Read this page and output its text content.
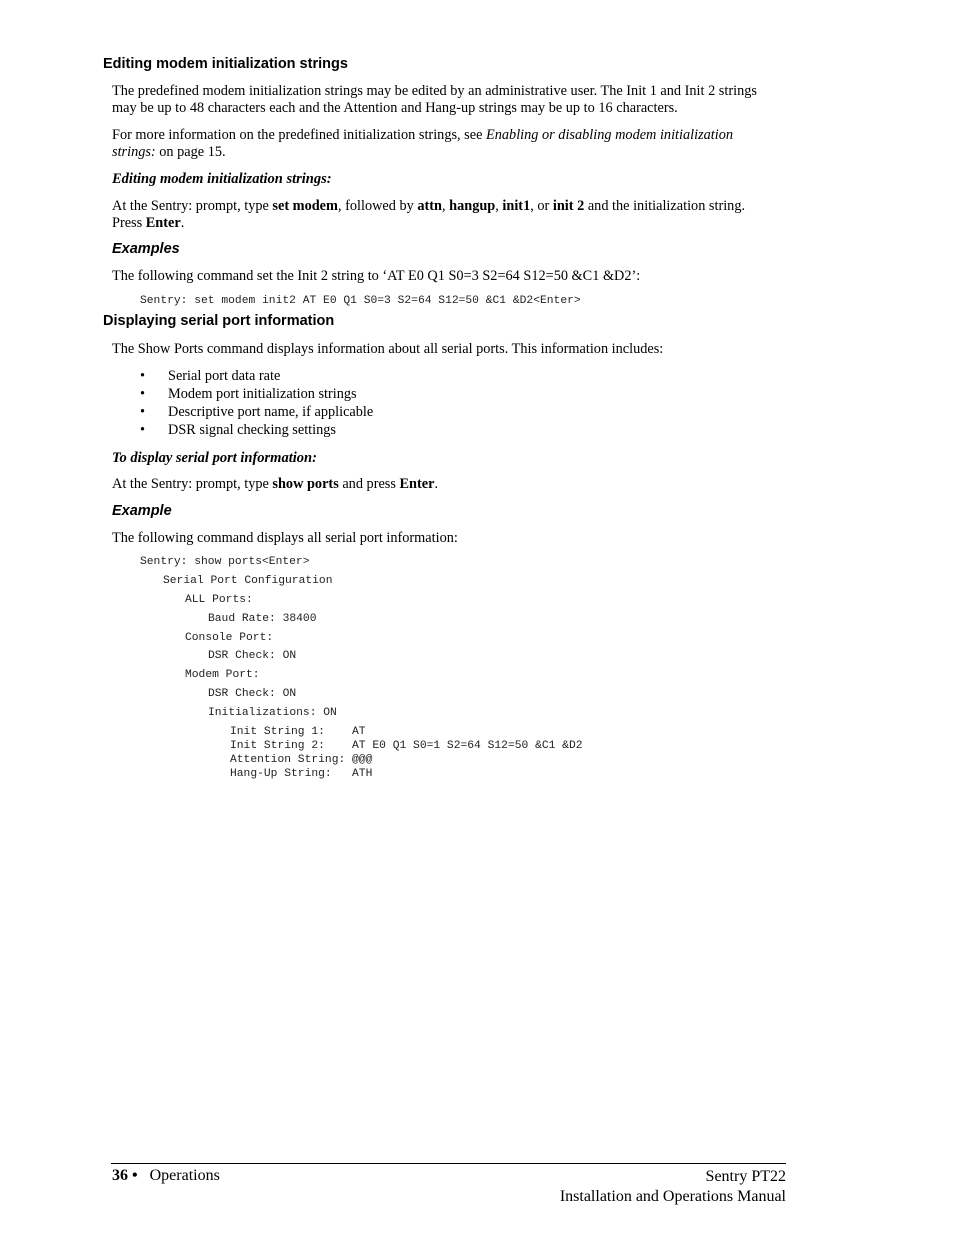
Editing modem initialization strings

The predefined modem initialization strings may be edited by an administrative user. The Init 1 and Init 2 strings may be up to 48 characters each and the Attention and Hang-up strings may be up to 16 characters.

For more information on the predefined initialization strings, see Enabling or disabling modem initialization strings: on page 15.

Editing modem initialization strings:

At the Sentry: prompt, type set modem, followed by attn, hangup, init1, or init 2 and the initialization string. Press Enter.

Examples

The following command set the Init 2 string to ‘AT E0 Q1 S0=3 S2=64 S12=50 &C1 &D2’:

Sentry: set modem init2 AT E0 Q1 S0=3 S2=64 S12=50 &C1 &D2<Enter>
Displaying serial port information

The Show Ports command displays information about all serial ports. This information includes:

• Serial port data rate
• Modem port initialization strings
• Descriptive port name, if applicable
• DSR signal checking settings

To display serial port information:

At the Sentry: prompt, type show ports and press Enter.

Example

The following command displays all serial port information:

Sentry: show ports<Enter>
Serial Port Configuration
ALL Ports:
Baud Rate: 38400
Console Port:
DSR Check: ON
Modem Port:
DSR Check: ON
Initializations: ON
Init String 1:    AT
Init String 2:    AT E0 Q1 S0=1 S2=64 S12=50 &C1 &D2
Attention String: @@@
Hang-Up String:   ATH
36 • Operations	Sentry PT22
Installation and Operations Manual
